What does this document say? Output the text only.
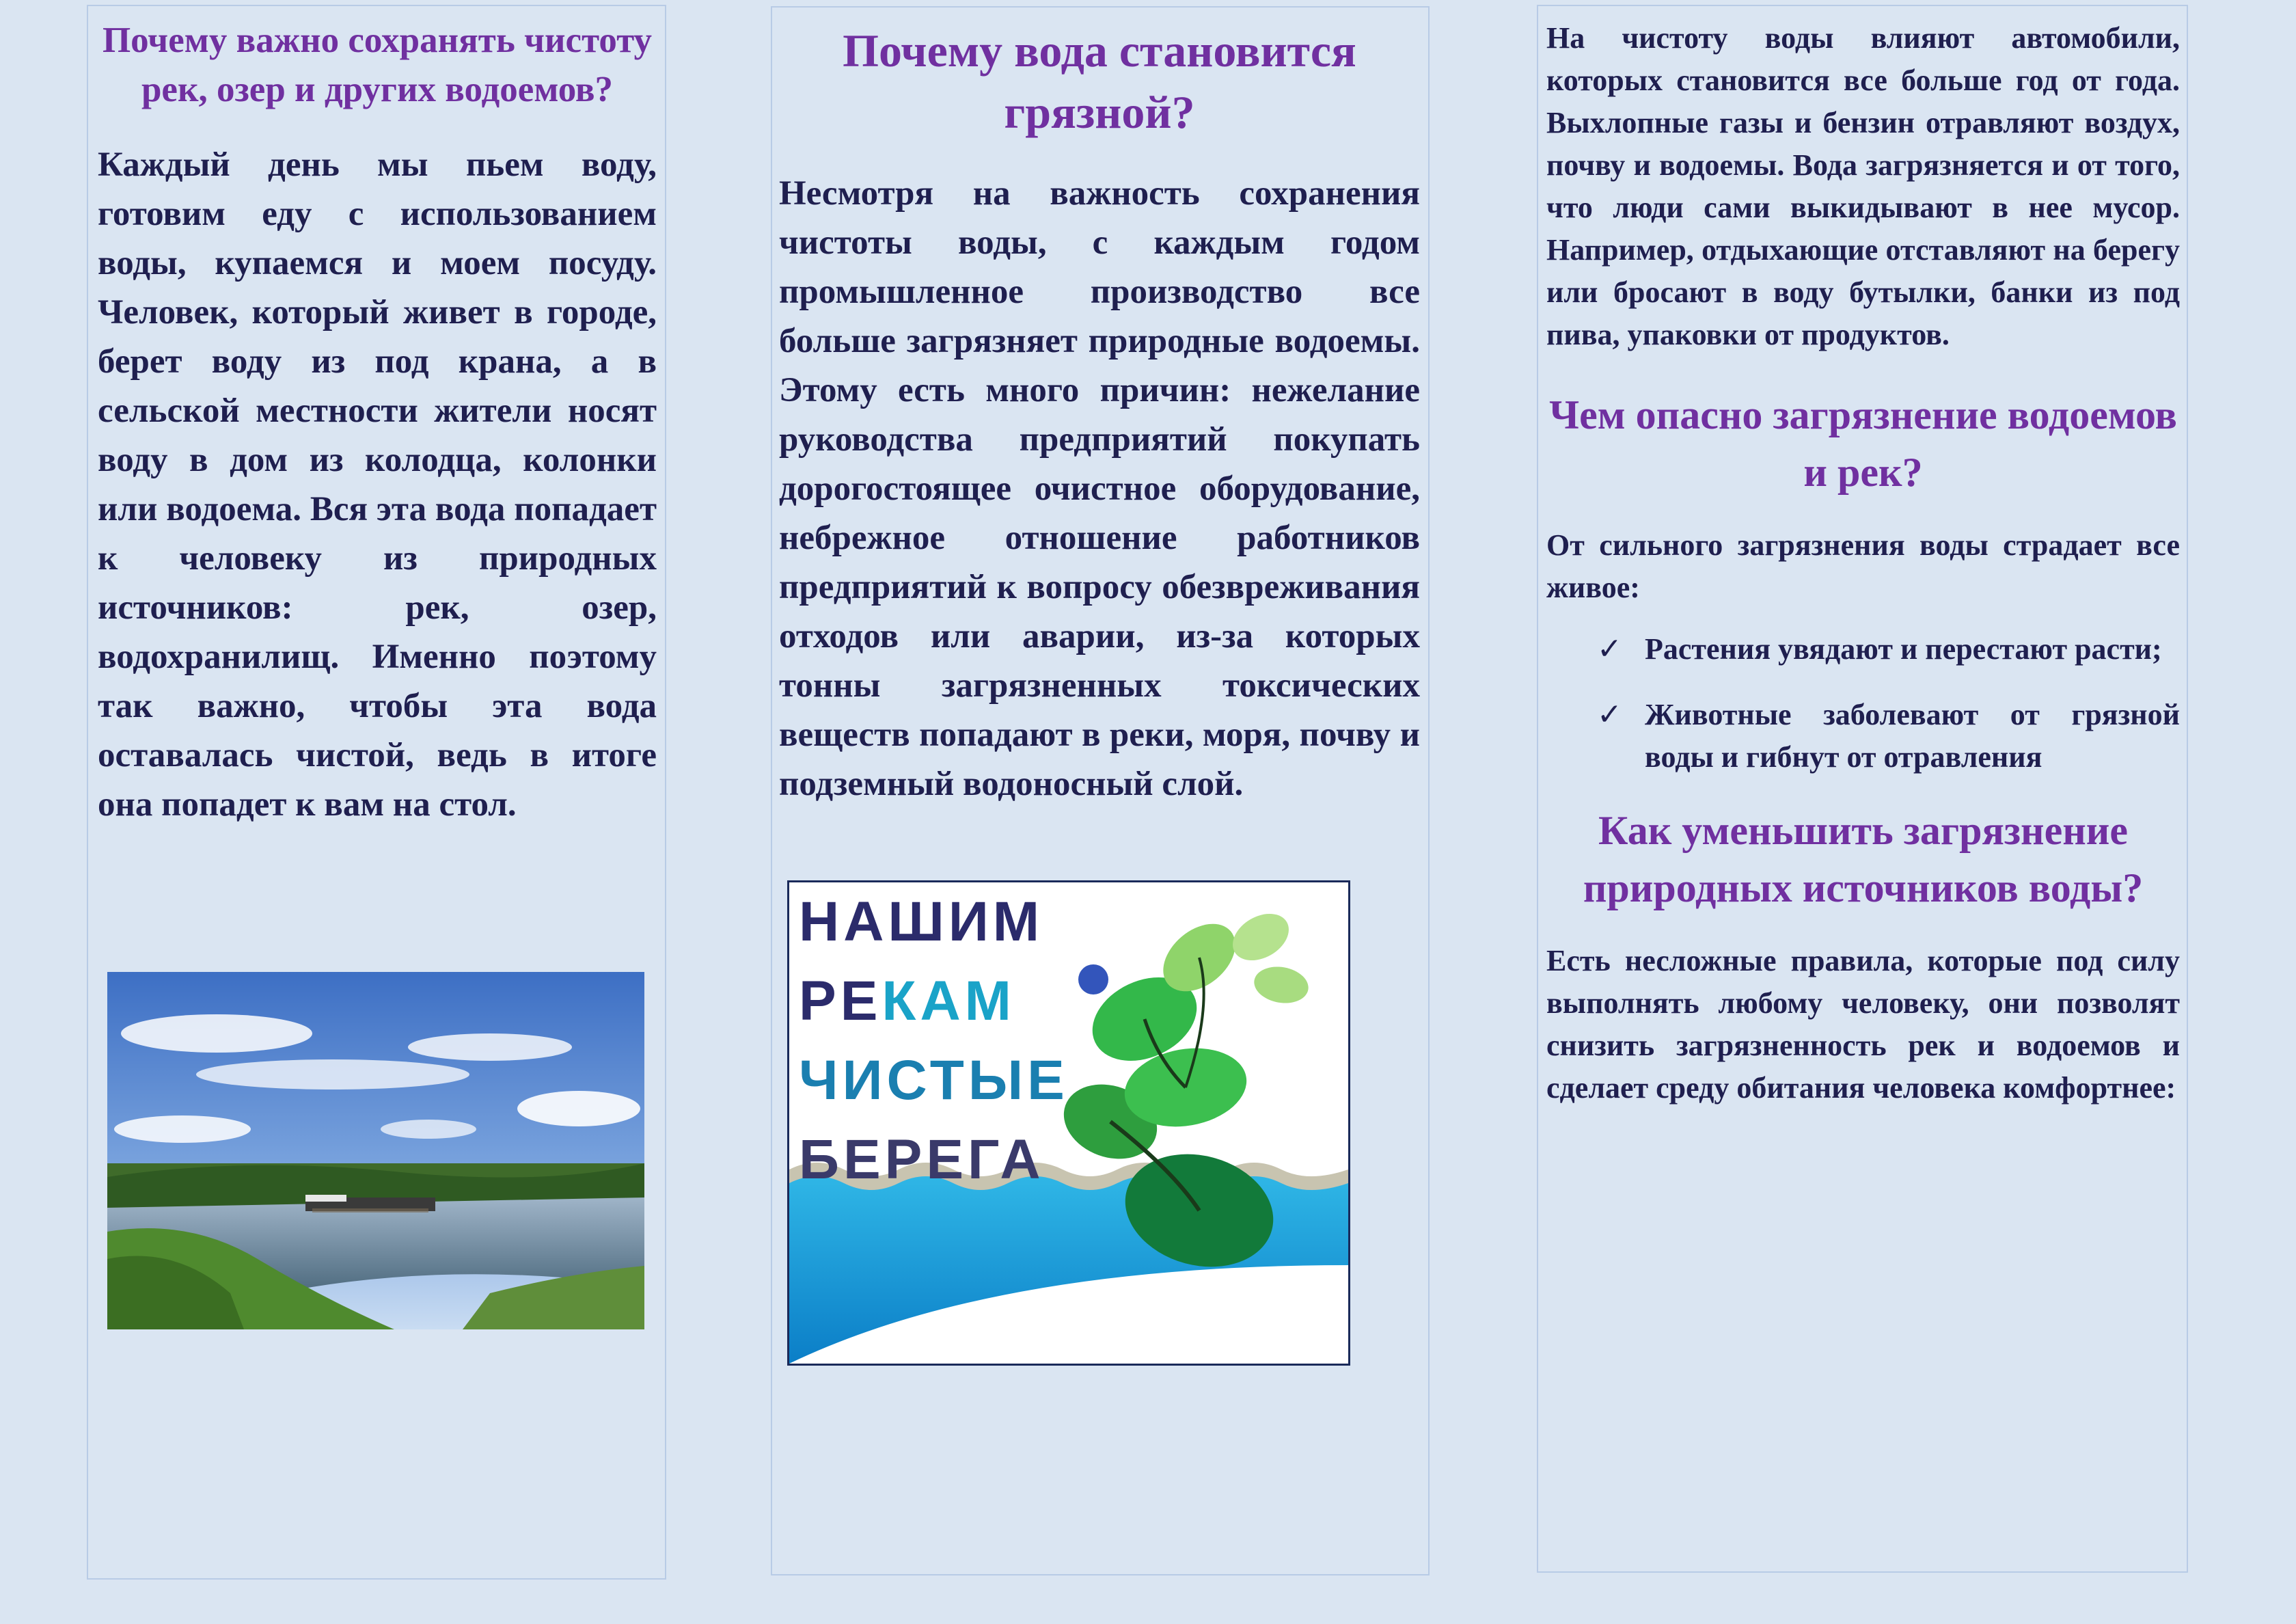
Почему важно сохранять чистоту рек, озер и других водоемов?

Каждый день мы пьем воду, готовим еду с использованием воды, купаемся и моем посуду. Человек, который живет в городе, берет воду из под крана, а в сельской местности жители носят воду в дом из колодца, колонки или водоема. Вся эта вода попадает к человеку из природных источников: рек, озер, водохранилищ. Именно поэтому так важно, чтобы эта вода оставалась чистой, ведь в итоге она попадет к вам на стол.

Почему вода становится грязной?

Несмотря на важность сохранения чистоты воды, с каждым годом промышленное производство все больше загрязняет природные водоемы. Этому есть много причин: нежелание руководства предприятий покупать дорогостоящее очистное оборудование, небрежное отношение работников предприятий к вопросу обезвреживания отходов или аварии, из-за которых тонны загрязненных токсических веществ попадают в реки, моря, почву и подземный водоносный слой.

НАШИМ
РЕКАМ
ЧИСТЫЕ
БЕРЕГА

На чистоту воды влияют автомобили, которых становится все больше год от года. Выхлопные газы и бензин отравляют воздух, почву и водоемы. Вода загрязняется и от того, что люди сами выкидывают в нее мусор. Например, отдыхающие отставляют на берегу или бросают в воду бутылки, банки из под пива, упаковки от продуктов.

Чем опасно загрязнение водоемов и рек?

От сильного загрязнения воды страдает все живое:

✓ Растения увядают и перестают расти;
✓ Животные заболевают от грязной воды и гибнут от отравления
Как уменьшить загрязнение природных источников воды?

Есть несложные правила, которые под силу выполнять любому человеку, они позволят снизить загрязненность рек и водоемов и сделает среду обитания человека комфортнее:
